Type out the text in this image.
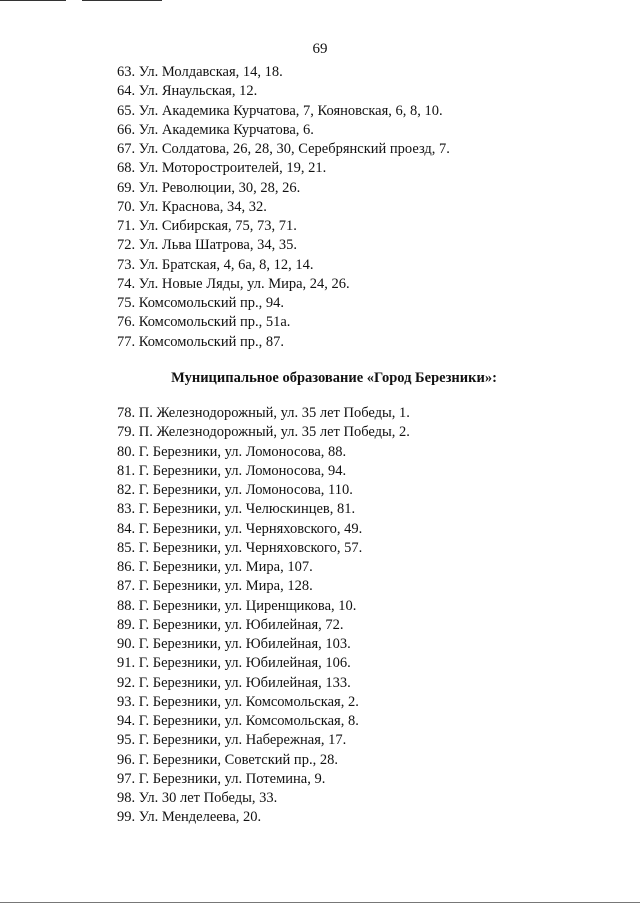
69
63. Ул. Молдавская, 14, 18.
64. Ул. Янаульская, 12.
65. Ул. Академика Курчатова, 7, Кояновская, 6, 8, 10.
66. Ул. Академика Курчатова, 6.
67. Ул. Солдатова, 26, 28, 30, Серебрянский проезд, 7.
68. Ул. Моторостроителей, 19, 21.
69. Ул. Революции, 30, 28, 26.
70. Ул. Краснова, 34, 32.
71. Ул. Сибирская, 75, 73, 71.
72. Ул. Льва Шатрова, 34, 35.
73. Ул. Братская, 4, 6а, 8, 12, 14.
74. Ул. Новые Ляды, ул. Мира, 24, 26.
75. Комсомольский пр., 94.
76. Комсомольский пр., 51а.
77. Комсомольский пр., 87.
Муниципальное образование «Город Березники»:
78. П. Железнодорожный, ул. 35 лет Победы, 1.
79. П. Железнодорожный, ул. 35 лет Победы, 2.
80. Г. Березники, ул. Ломоносова, 88.
81. Г. Березники, ул. Ломоносова, 94.
82. Г. Березники, ул. Ломоносова, 110.
83. Г. Березники, ул. Челюскинцев, 81.
84. Г. Березники, ул. Черняховского, 49.
85. Г. Березники, ул. Черняховского, 57.
86. Г. Березники, ул. Мира, 107.
87. Г. Березники, ул. Мира, 128.
88. Г. Березники, ул. Циренщикова, 10.
89. Г. Березники, ул. Юбилейная, 72.
90. Г. Березники, ул. Юбилейная, 103.
91. Г. Березники, ул. Юбилейная, 106.
92. Г. Березники, ул. Юбилейная, 133.
93. Г. Березники, ул. Комсомольская, 2.
94. Г. Березники, ул. Комсомольская, 8.
95. Г. Березники, ул. Набережная, 17.
96. Г. Березники, Советский пр., 28.
97. Г. Березники, ул. Потемина, 9.
98. Ул. 30 лет Победы, 33.
99. Ул. Менделеева, 20.
